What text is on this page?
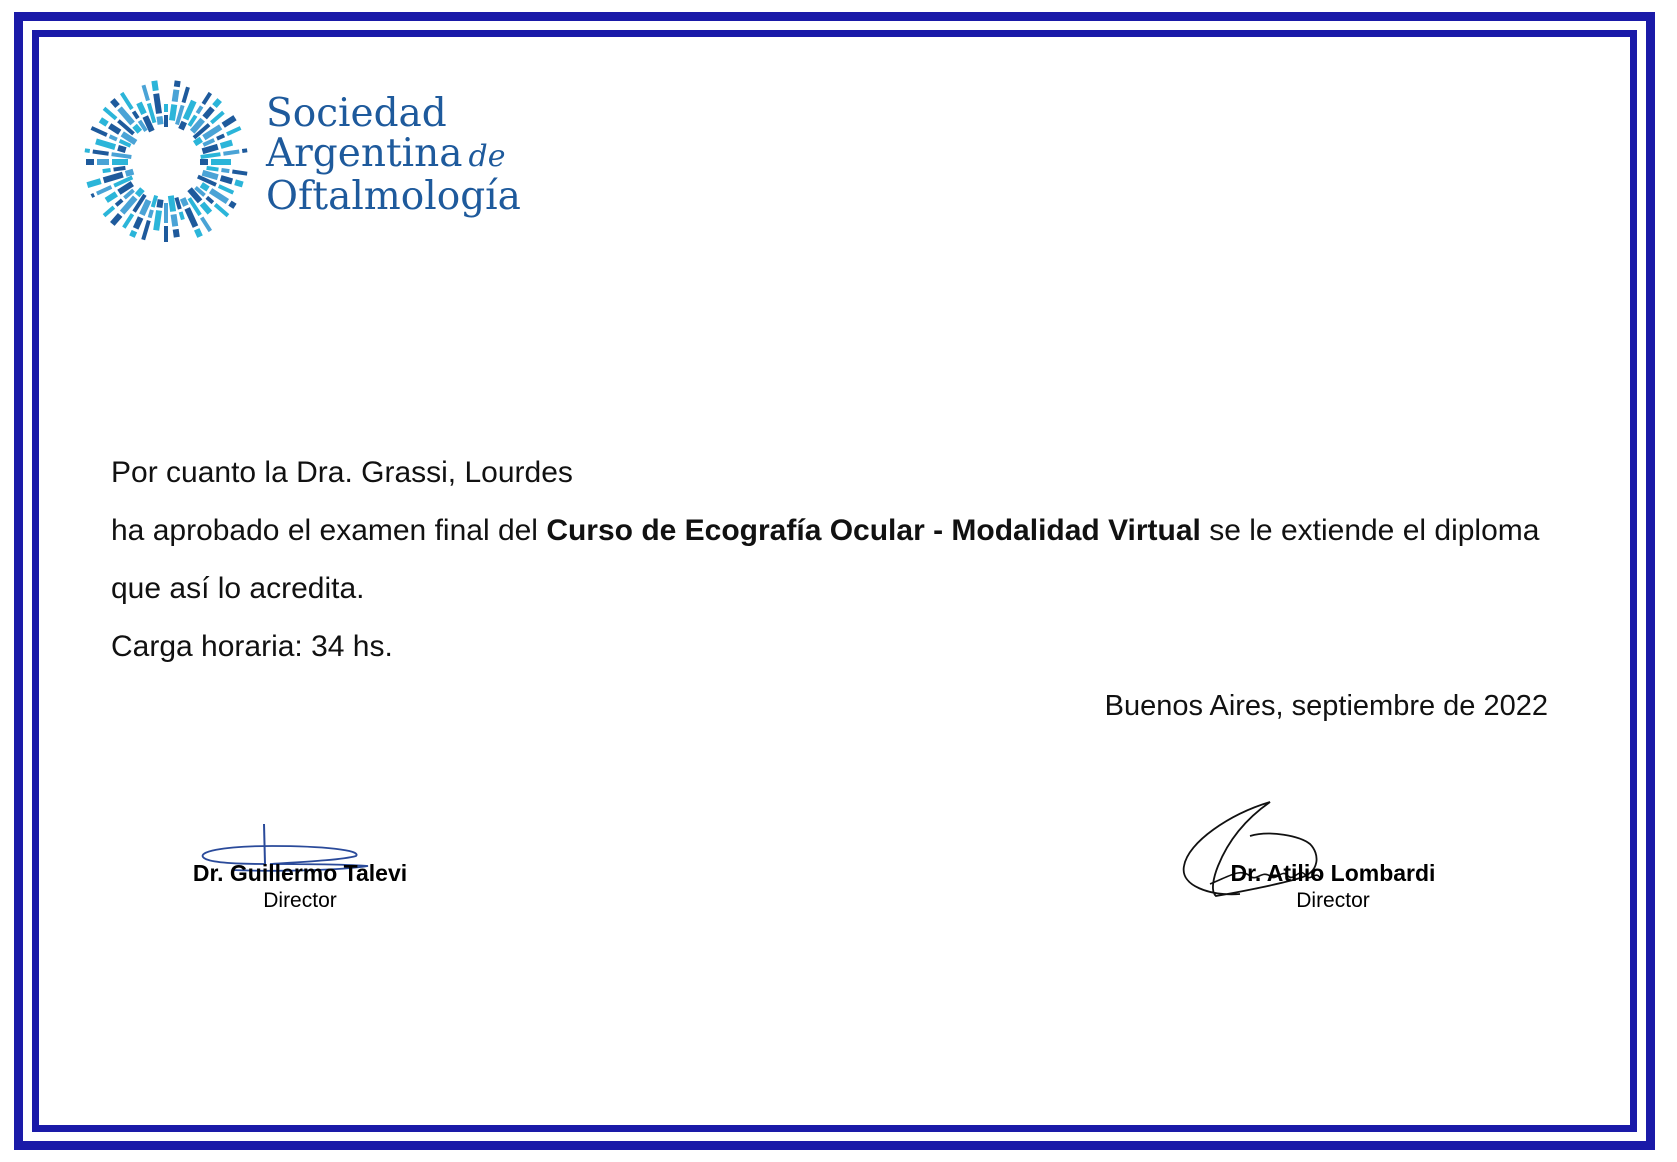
Sociedad
Argentina de
Oftalmología

Por cuanto la Dra. Grassi, Lourdes

ha aprobado el examen final del Curso de Ecografía Ocular - Modalidad Virtual se le extiende el diploma que así lo acredita.

Carga horaria: 34 hs.

Buenos Aires, septiembre de 2022
Dr. Guillermo Talevi
Director
Dr. Atilio Lombardi
Director
